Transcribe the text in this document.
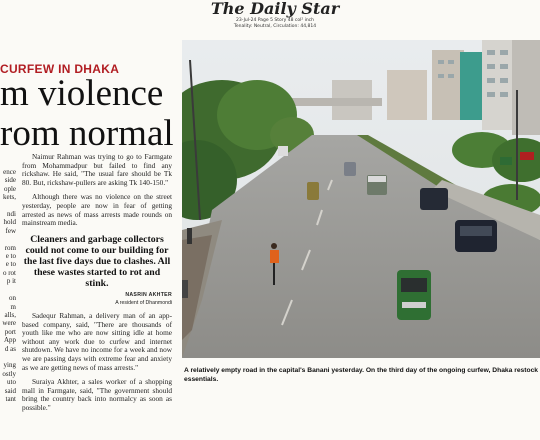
The Daily Star
23-Jul-24 Page 5 Story 48 col² inch
Tenality: Neutral, Circulation: 44,814
CURFEW IN DHAKA
m violence
rom normal
ence
side
ople
kets,

ndi
hold
few

rom
e to
e to
o rot
p it

on
m
alls,
were
port
App
d as

ying
ostly
uto
said
tant

Naimur Rahman was trying to go to Farmgate from Mohammadpur but failed to find any rickshaw. He said, "The usual fare should be Tk 80. But, rickshaw-pullers are asking Tk 140-150."

Although there was no violence on the street yesterday, people are now in fear of getting arrested as news of mass arrests made rounds on mainstream media.

Cleaners and garbage collectors could not come to our building for the last five days due to clashes. All these wastes started to rot and stink.
NASRIN AKHTER
A resident of Dhanmondi

Sadequr Rahman, a delivery man of an app-based company, said, "There are thousands of youth like me who are now sitting idle at home without any work due to curfew and internet shutdown. We have no income for a week and now we are passing days with extreme fear and anxiety as we are getting news of mass arrests."

Suraiya Akhter, a sales worker of a shopping mall in Farmgate, said, "The government should bring the country back into normalcy as soon as possible."

A relatively empty road in the capital's Banani yesterday. On the third day of the ongoing curfew, Dhaka restock essentials.
